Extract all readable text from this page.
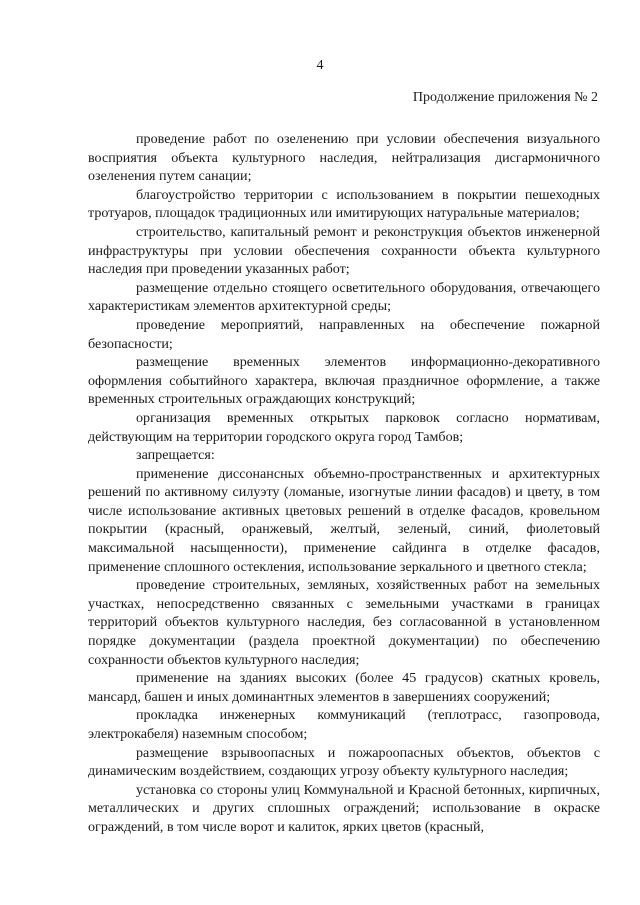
4
Продолжение приложения № 2

проведение работ по озеленению при условии обеспечения визуального восприятия объекта культурного наследия, нейтрализация дисгармоничного озеленения путем санации;

благоустройство территории с использованием в покрытии пешеходных тротуаров, площадок традиционных или имитирующих натуральные материалов;

строительство, капитальный ремонт и реконструкция объектов инженерной инфраструктуры при условии обеспечения сохранности объекта культурного наследия при проведении указанных работ;

размещение отдельно стоящего осветительного оборудования, отвечающего характеристикам элементов архитектурной среды;

проведение мероприятий, направленных на обеспечение пожарной безопасности;

размещение временных элементов информационно-декоративного оформления событийного характера, включая праздничное оформление, а также временных строительных ограждающих конструкций;

организация временных открытых парковок согласно нормативам, действующим на территории городского округа город Тамбов;

запрещается:

применение диссонансных объемно-пространственных и архитектурных решений по активному силуэту (ломаные, изогнутые линии фасадов) и цвету, в том числе использование активных цветовых решений в отделке фасадов, кровельном покрытии (красный, оранжевый, желтый, зеленый, синий, фиолетовый максимальной насыщенности), применение сайдинга в отделке фасадов, применение сплошного остекления, использование зеркального и цветного стекла;

проведение строительных, земляных, хозяйственных работ на земельных участках, непосредственно связанных с земельными участками в границах территорий объектов культурного наследия, без согласованной в установленном порядке документации (раздела проектной документации) по обеспечению сохранности объектов культурного наследия;

применение на зданиях высоких (более 45 градусов) скатных кровель, мансард, башен и иных доминантных элементов в завершениях сооружений;

прокладка инженерных коммуникаций (теплотрасс, газопровода, электрокабеля) наземным способом;

размещение взрывоопасных и пожароопасных объектов, объектов с динамическим воздействием, создающих угрозу объекту культурного наследия;

установка со стороны улиц Коммунальной и Красной бетонных, кирпичных, металлических и других сплошных ограждений; использование в окраске ограждений, в том числе ворот и калиток, ярких цветов (красный,
